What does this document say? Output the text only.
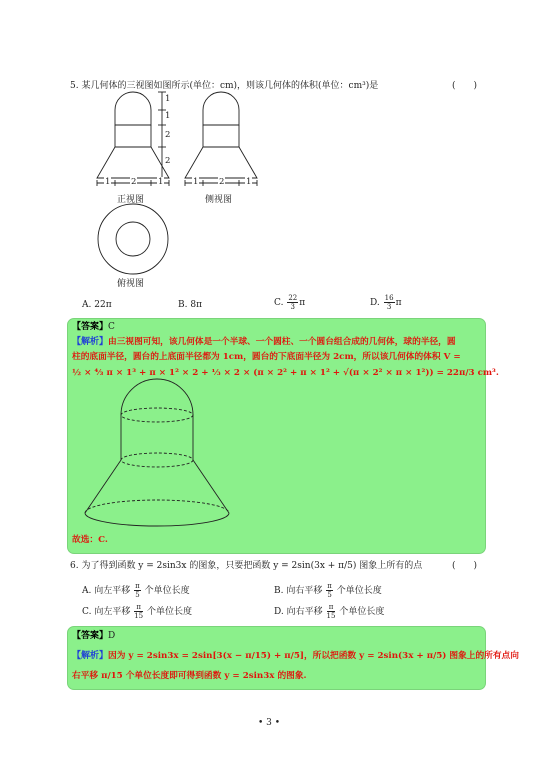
5. 某几何体的三视图如图所示(单位：cm)，则该几何体的体积(单位：cm³)是	(　　)
1
1
2
2
1 2	1	1 2	1
正视图	侧视图
俯视图
A. 22π	B. 8π	C. $\frac{22}{3}$ π	D. $\frac{16}{3}$ π
【答案】C
【解析】由三视图可知，该几何体是一个半球、一个圆柱、一个圆台组合成的几何体，球的半径，圆
柱的底面半径，圆台的上底面半径都为 1cm，圆台的下底面半径为 2cm，所以该几何体的体积 V =
½ × ⁴⁄₃ π × 1³ + π × 1² × 2 + ⅓ × 2 × (π × 2² + π × 1² + √(π × 2² × π × 1²)) = 22π/3 cm³.
故选：C.
6. 为了得到函数 y = 2sin3x 的图象，只要把函数 y = 2sin(3x + π/5) 图象上所有的点	(　　)
A. 向左平移 $\frac{\pi}{5}$ 个单位长度	B. 向右平移 $\frac{\pi}{5}$ 个单位长度
C. 向左平移 $\frac{\pi}{15}$ 个单位长度	D. 向右平移 $\frac{\pi}{15}$ 个单位长度
【答案】D
【解析】因为 y = 2sin3x = 2sin[3(x − π/15) + π/5]，所以把函数 y = 2sin(3x + π/5) 图象上的所有点向
右平移 π/15 个单位长度即可得到函数 y = 2sin3x 的图象.
• 3 •
